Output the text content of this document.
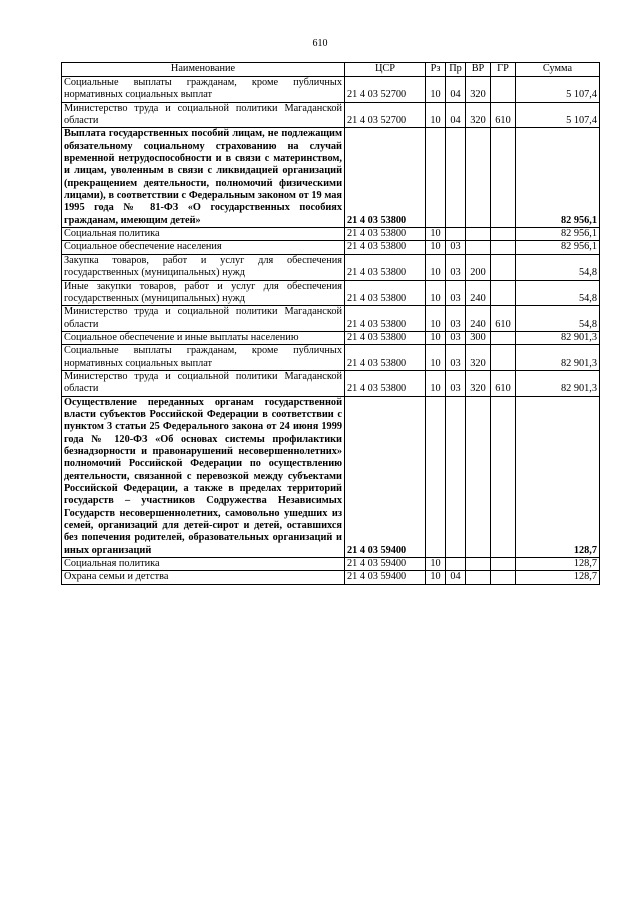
610
Наименование	ЦСР	Рз	Пр	ВР	ГР	Сумма
Социальные выплаты гражданам, кроме публичных нормативных социальных выплат	21 4 03 52700	10	04	320		5 107,4
Министерство труда и социальной политики Магаданской области	21 4 03 52700	10	04	320	610	5 107,4
Выплата государственных пособий лицам, не подлежащим обязательному социальному страхованию на случай временной нетрудоспособности и в связи с материнством, и лицам, уволенным в связи с ликвидацией организаций (прекращением деятельности, полномочий физическими лицами), в соответствии с Федеральным законом от 19 мая 1995 года № 81-ФЗ «О государственных пособиях гражданам, имеющим детей»	21 4 03 53800					82 956,1
Социальная политика	21 4 03 53800	10				82 956,1
Социальное обеспечение населения	21 4 03 53800	10	03			82 956,1
Закупка товаров, работ и услуг для обеспечения государственных (муниципальных) нужд	21 4 03 53800	10	03	200		54,8
Иные закупки товаров, работ и услуг для обеспечения государственных (муниципальных) нужд	21 4 03 53800	10	03	240		54,8
Министерство труда и социальной политики Магаданской области	21 4 03 53800	10	03	240	610	54,8
Социальное обеспечение и иные выплаты населению	21 4 03 53800	10	03	300		82 901,3
Социальные выплаты гражданам, кроме публичных нормативных социальных выплат	21 4 03 53800	10	03	320		82 901,3
Министерство труда и социальной политики Магаданской области	21 4 03 53800	10	03	320	610	82 901,3
Осуществление переданных органам государственной власти субъектов Российской Федерации в соответствии с пунктом 3 статьи 25 Федерального закона от 24 июня 1999 года № 120-ФЗ «Об основах системы профилактики безнадзорности и правонарушений несовершеннолетних» полномочий Российской Федерации по осуществлению деятельности, связанной с перевозкой между субъектами Российской Федерации, а также в пределах территорий государств – участников Содружества Независимых Государств несовершеннолетних, самовольно ушедших из семей, организаций для детей-сирот и детей, оставшихся без попечения родителей, образовательных организаций и иных организаций	21 4 03 59400					128,7
Социальная политика	21 4 03 59400	10				128,7
Охрана семьи и детства	21 4 03 59400	10	04			128,7
